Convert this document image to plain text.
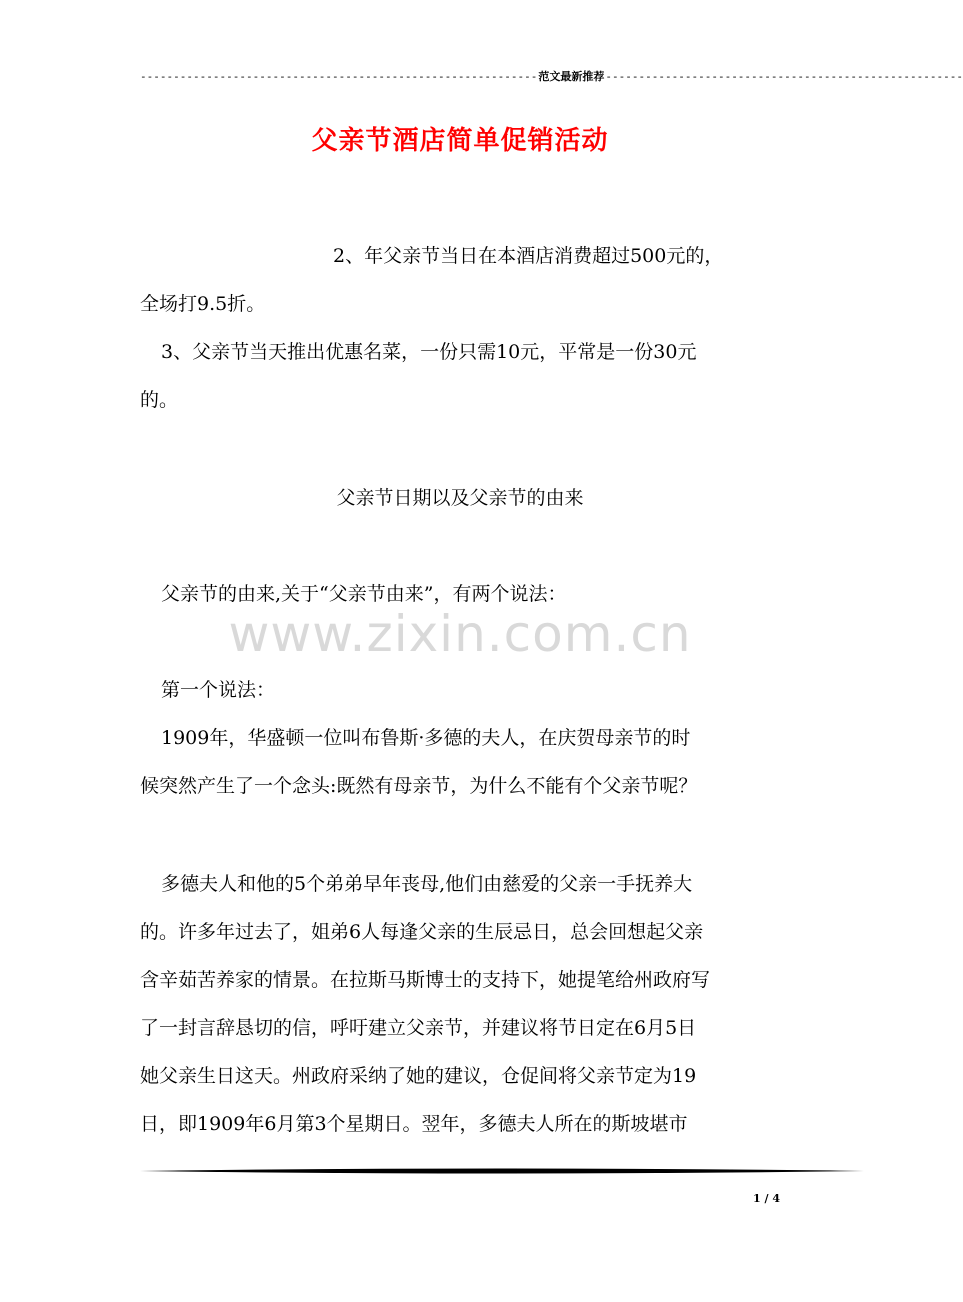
------------------------------------------------------------ 范文最新推荐 ------------------------------------------------------
父亲节酒店简单促销活动

2、年父亲节当日在本酒店消费超过500元的，

全场打9.5折。

3、父亲节当天推出优惠名菜，一份只需10元，平常是一份30元

的。

父亲节日期以及父亲节的由来

父亲节的由来,关于“父亲节由来”，有两个说法：

www.zixin.com.cn

第一个说法：

1909年，华盛顿一位叫布鲁斯·多德的夫人，在庆贺母亲节的时

候突然产生了一个念头:既然有母亲节，为什么不能有个父亲节呢？

多德夫人和他的5个弟弟早年丧母,他们由慈爱的父亲一手抚养大

的。许多年过去了，姐弟6人每逢父亲的生辰忌日，总会回想起父亲

含辛茹苦养家的情景。在拉斯马斯博士的支持下，她提笔给州政府写

了一封言辞恳切的信，呼吁建立父亲节，并建议将节日定在6月5日

她父亲生日这天。州政府采纳了她的建议，仓促间将父亲节定为19

日，即1909年6月第3个星期日。翌年，多德夫人所在的斯坡堪市

1 / 4
